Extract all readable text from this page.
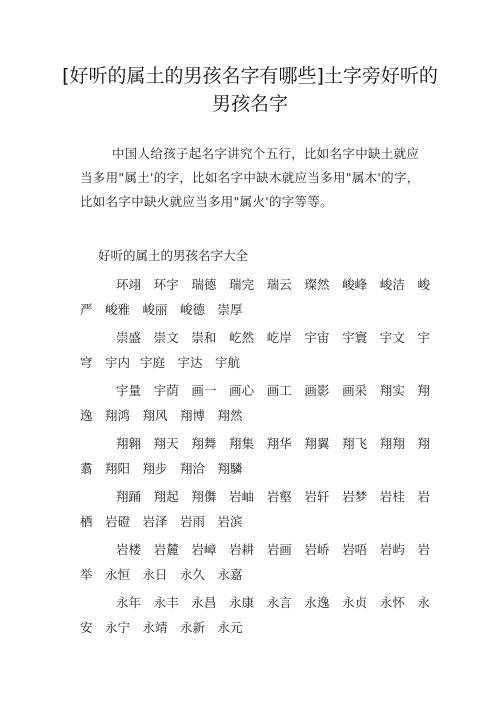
[好听的属土的男孩名字有哪些]土字旁好听的男孩名字

中国人给孩子起名字讲究个五行，比如名字中缺土就应当多用"属土'的字，比如名字中缺木就应当多用"属木'的字，比如名字中缺火就应当多用"属火'的字等等。

好听的属土的男孩名字大全

环翊　环宇　瑞德　瑞完　瑞云　璨然　峻峰　峻洁　峻严　峻雅　峻丽　峻德　崇厚

崇盛　崇文　崇和　屹然　屹岸　宇宙　宇寰　宇文　宇穹　宇内 宇庭　宇达　宇航

宇量　宇荫　画一　画心　画工　画影　画采　翔实　翔逸　翔鸿　翔风　翔博　翔然

翔翱　翔天　翔舞　翔集　翔华　翔翼　翔飞　翔翔　翔翥　翔阳　翔步　翔洽　翔驎

翔踊　翔起　翔儛　岩岫　岩壑　岩轩　岩梦　岩桂　岩栖　岩磴　岩泽　岩雨　岩滨

岩楼　岩麓　岩嶂　岩耕　岩画　岩峤　岩唔　岩屿　岩举　永恒　永日　永久　永嘉

永年　永丰　永昌　永康　永言　永逸　永贞　永怀　永安　永宁　永靖　永新　永元
